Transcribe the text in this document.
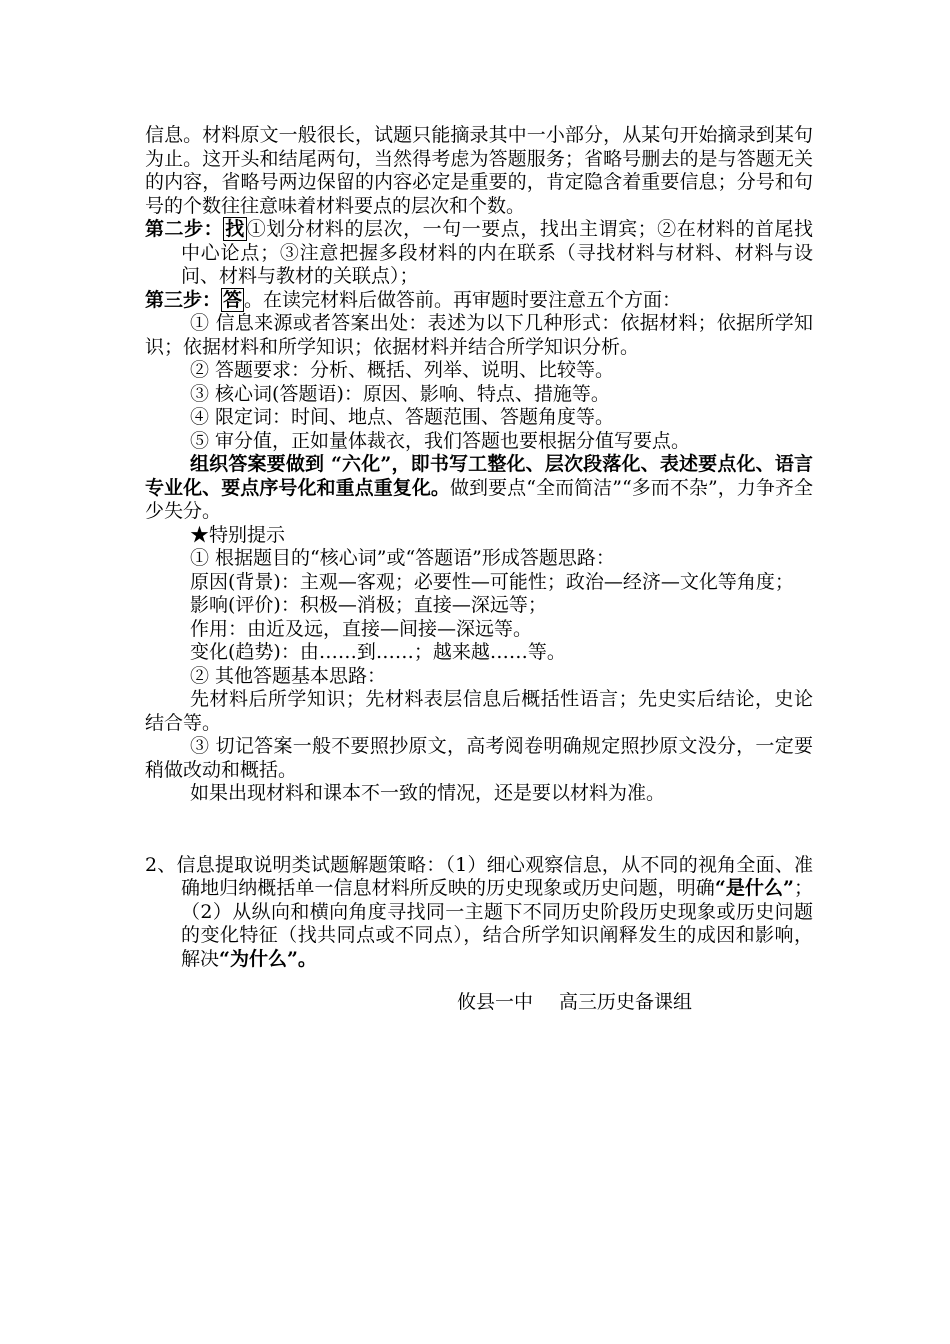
信息。材料原文一般很长，试题只能摘录其中一小部分，从某句开始摘录到某句为止。这开头和结尾两句，当然得考虑为答题服务；省略号删去的是与答题无关的内容，省略号两边保留的内容必定是重要的，肯定隐含着重要信息；分号和句号的个数往往意味着材料要点的层次和个数。

第二步： 找 ①划分材料的层次，一句一要点，找出主谓宾；②在材料的首尾找中心论点；③注意把握多段材料的内在联系（寻找材料与材料、材料与设问、材料与教材的关联点）；

第三步： 答 。在读完材料后做答前。再审题时要注意五个方面：

① 信息来源或者答案出处：表述为以下几种形式：依据材料；依据所学知识；依据材料和所学知识；依据材料并结合所学知识分析。

② 答题要求：分析、概括、列举、说明、比较等。

③ 核心词(答题语)：原因、影响、特点、措施等。

④ 限定词：时间、地点、答题范围、答题角度等。

⑤ 审分值，正如量体裁衣，我们答题也要根据分值写要点。

组织答案要做到 “六化”，即书写工整化、层次段落化、表述要点化、语言专业化、要点序号化和重点重复化。做到要点“全而简洁”“多而不杂”，力争齐全少失分。

★特别提示

① 根据题目的“核心词”或“答题语”形成答题思路：

原因(背景)：主观—客观；必要性—可能性；政治—经济—文化等角度；

影响(评价)：积极—消极；直接—深远等；

作用：由近及远，直接—间接—深远等。

变化(趋势)：由……到……；越来越……等。

② 其他答题基本思路：

先材料后所学知识；先材料表层信息后概括性语言；先史实后结论，史论结合等。

③ 切记答案一般不要照抄原文，高考阅卷明确规定照抄原文没分，一定要稍做改动和概括。

如果出现材料和课本不一致的情况，还是要以材料为准。

2、信息提取说明类试题解题策略：（1）细心观察信息，从不同的视角全面、准确地归纳概括单一信息材料所反映的历史现象或历史问题，明确“是什么”；（2）从纵向和横向角度寻找同一主题下不同历史阶段历史现象或历史问题的变化特征（找共同点或不同点），结合所学知识阐释发生的成因和影响，解决“为什么”。

攸县一中 高三历史备课组
